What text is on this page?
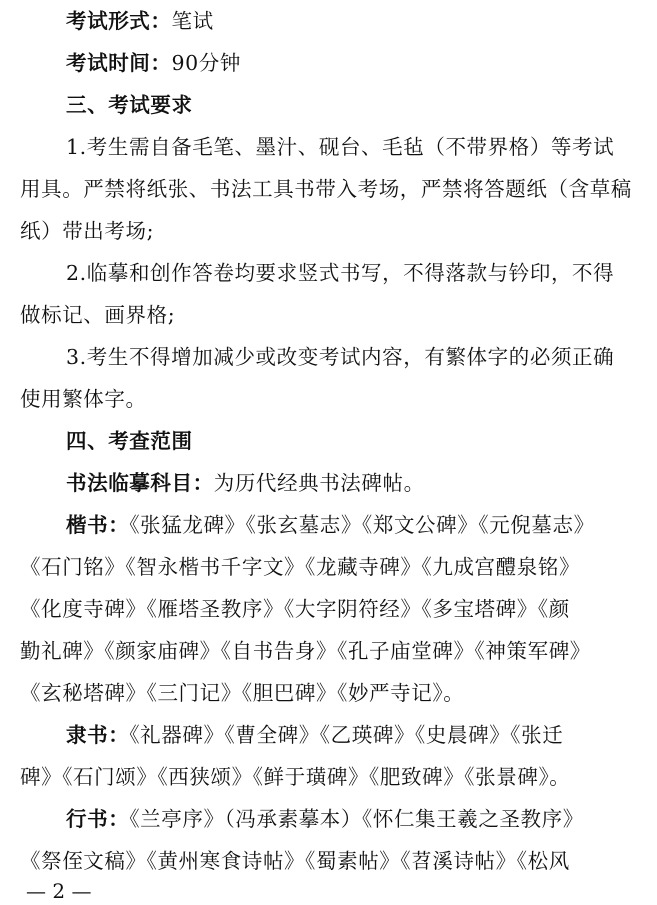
考试形式：笔试
考试时间：90分钟
三、考试要求
1.考生需自备毛笔、墨汁、砚台、毛毡（不带界格）等考试
用具。严禁将纸张、书法工具书带入考场，严禁将答题纸（含草稿
纸）带出考场;
2.临摹和创作答卷均要求竖式书写，不得落款与钤印，不得
做标记、画界格;
3.考生不得增加减少或改变考试内容，有繁体字的必须正确
使用繁体字。
四、考查范围
书法临摹科目：为历代经典书法碑帖。
楷书：《张猛龙碑》《张玄墓志》《郑文公碑》《元倪墓志》
《石门铭》《智永楷书千字文》《龙藏寺碑》《九成宫醴泉铭》
《化度寺碑》《雁塔圣教序》《大字阴符经》《多宝塔碑》《颜
勤礼碑》《颜家庙碑》《自书告身》《孔子庙堂碑》《神策军碑》
《玄秘塔碑》《三门记》《胆巴碑》《妙严寺记》。
隶书：《礼器碑》《曹全碑》《乙瑛碑》《史晨碑》《张迁
碑》《石门颂》《西狭颂》《鲜于璜碑》《肥致碑》《张景碑》。
行书：《兰亭序》（冯承素摹本）《怀仁集王羲之圣教序》
《祭侄文稿》《黄州寒食诗帖》《蜀素帖》《苕溪诗帖》《松风
— 2 —
